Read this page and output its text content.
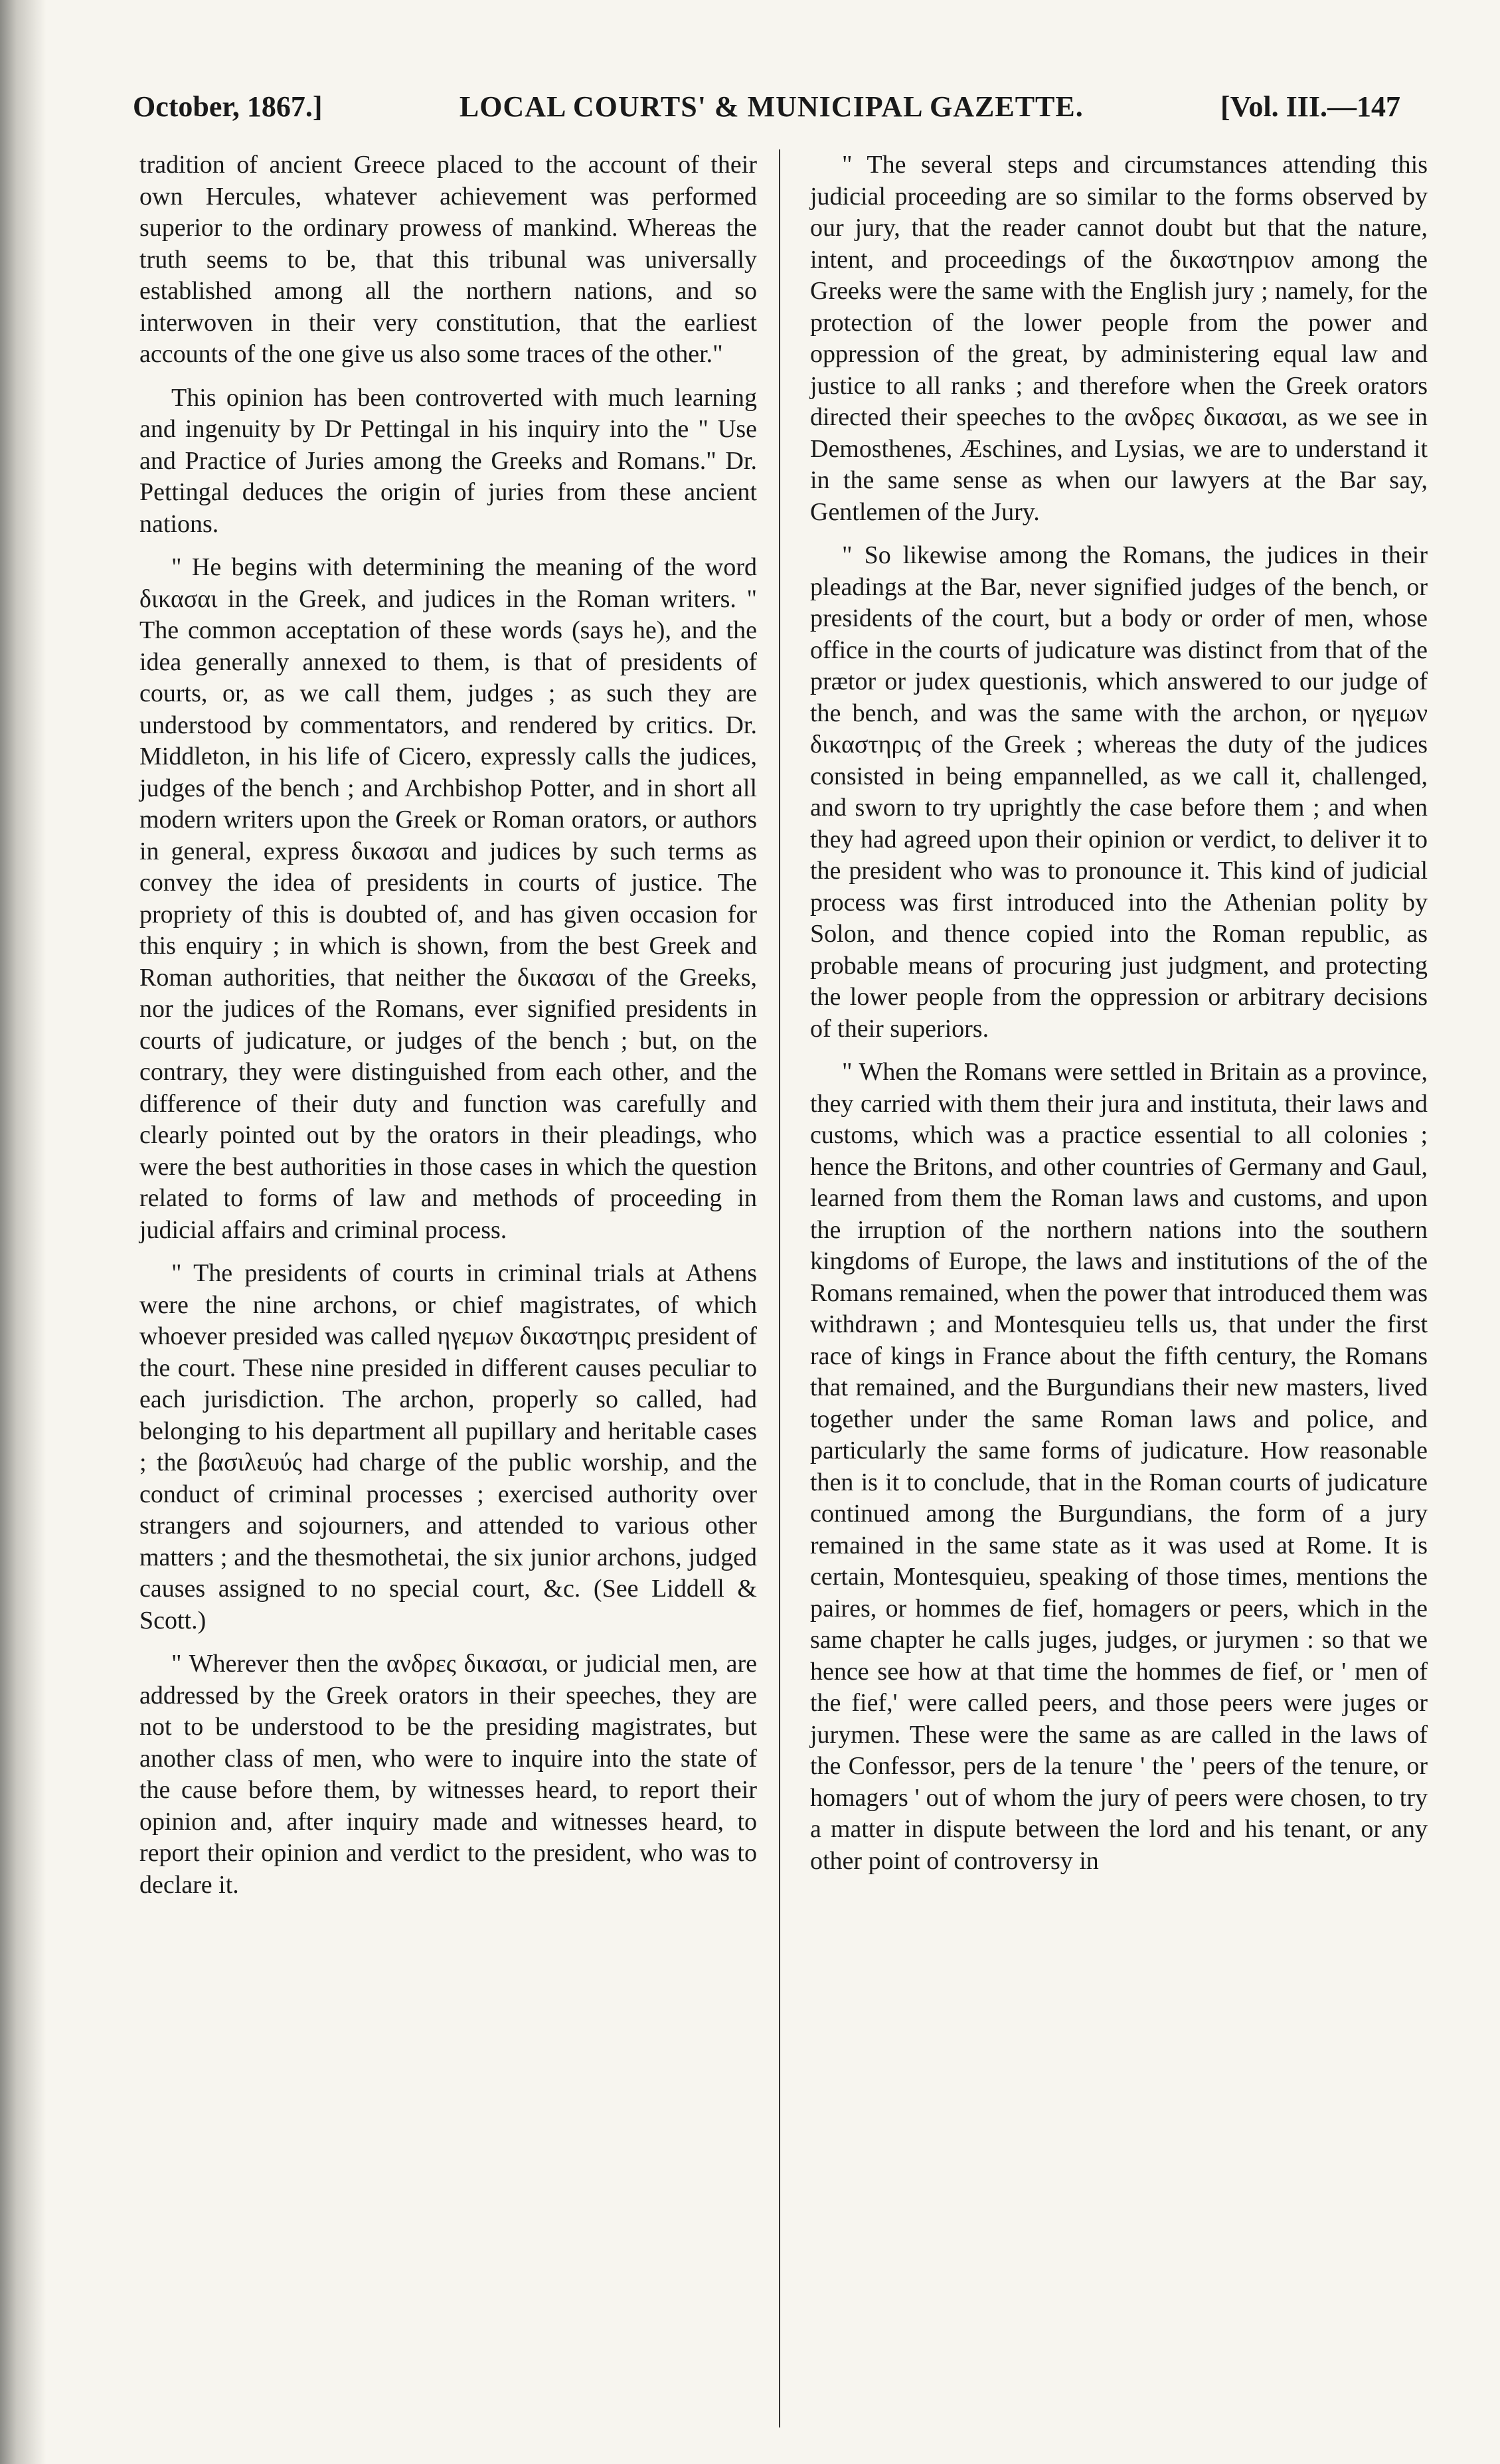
October, 1867.]	LOCAL COURTS' & MUNICIPAL GAZETTE.	[Vol. III.—147

tradition of ancient Greece placed to the account of their own Hercules, whatever achievement was performed superior to the ordinary prowess of mankind. Whereas the truth seems to be, that this tribunal was universally established among all the northern nations, and so interwoven in their very constitution, that the earliest accounts of the one give us also some traces of the other."

This opinion has been controverted with much learning and ingenuity by Dr Pettingal in his inquiry into the " Use and Practice of Juries among the Greeks and Romans." Dr. Pettingal deduces the origin of juries from these ancient nations.

" He begins with determining the meaning of the word δικασαι in the Greek, and judices in the Roman writers. " The common acceptation of these words (says he), and the idea generally annexed to them, is that of presidents of courts, or, as we call them, judges ; as such they are understood by commentators, and rendered by critics. Dr. Middleton, in his life of Cicero, expressly calls the judices, judges of the bench ; and Archbishop Potter, and in short all modern writers upon the Greek or Roman orators, or authors in general, express δικασαι and judices by such terms as convey the idea of presidents in courts of justice. The propriety of this is doubted of, and has given occasion for this enquiry ; in which is shown, from the best Greek and Roman authorities, that neither the δικασαι of the Greeks, nor the judices of the Romans, ever signified presidents in courts of judicature, or judges of the bench ; but, on the contrary, they were distinguished from each other, and the difference of their duty and function was carefully and clearly pointed out by the orators in their pleadings, who were the best authorities in those cases in which the question related to forms of law and methods of proceeding in judicial affairs and criminal process.

" The presidents of courts in criminal trials at Athens were the nine archons, or chief magistrates, of which whoever presided was called ηγεμων δικαστηρις president of the court. These nine presided in different causes peculiar to each jurisdiction. The archon, properly so called, had belonging to his department all pupillary and heritable cases ; the βασιλευύς had charge of the public worship, and the conduct of criminal processes ; exercised authority over strangers and sojourners, and attended to various other matters ; and the thesmothetai, the six junior archons, judged causes assigned to no special court, &c. (See Liddell & Scott.)

" Wherever then the ανδρες δικασαι, or judicial men, are addressed by the Greek orators in their speeches, they are not to be understood to be the presiding magistrates, but another class of men, who were to inquire into the state of the cause before them, by witnesses heard, to report their opinion and, after inquiry made and witnesses heard, to report their opinion and verdict to the president, who was to declare it.

" The several steps and circumstances attending this judicial proceeding are so similar to the forms observed by our jury, that the reader cannot doubt but that the nature, intent, and proceedings of the δικαστηριον among the Greeks were the same with the English jury ; namely, for the protection of the lower people from the power and oppression of the great, by administering equal law and justice to all ranks ; and therefore when the Greek orators directed their speeches to the ανδρες δικασαι, as we see in Demosthenes, Æschines, and Lysias, we are to understand it in the same sense as when our lawyers at the Bar say, Gentlemen of the Jury.

" So likewise among the Romans, the judices in their pleadings at the Bar, never signified judges of the bench, or presidents of the court, but a body or order of men, whose office in the courts of judicature was distinct from that of the prætor or judex questionis, which answered to our judge of the bench, and was the same with the archon, or ηγεμων δικαστηρις of the Greek ; whereas the duty of the judices consisted in being empannelled, as we call it, challenged, and sworn to try uprightly the case before them ; and when they had agreed upon their opinion or verdict, to deliver it to the president who was to pronounce it. This kind of judicial process was first introduced into the Athenian polity by Solon, and thence copied into the Roman republic, as probable means of procuring just judgment, and protecting the lower people from the oppression or arbitrary decisions of their superiors.

" When the Romans were settled in Britain as a province, they carried with them their jura and instituta, their laws and customs, which was a practice essential to all colonies ; hence the Britons, and other countries of Germany and Gaul, learned from them the Roman laws and customs, and upon the irruption of the northern nations into the southern kingdoms of Europe, the laws and institutions of the of the Romans remained, when the power that introduced them was withdrawn ; and Montesquieu tells us, that under the first race of kings in France about the fifth century, the Romans that remained, and the Burgundians their new masters, lived together under the same Roman laws and police, and particularly the same forms of judicature. How reasonable then is it to conclude, that in the Roman courts of judicature continued among the Burgundians, the form of a jury remained in the same state as it was used at Rome. It is certain, Montesquieu, speaking of those times, mentions the paires, or hommes de fief, homagers or peers, which in the same chapter he calls juges, judges, or jurymen : so that we hence see how at that time the hommes de fief, or ' men of the fief,' were called peers, and those peers were juges or jurymen. These were the same as are called in the laws of the Confessor, pers de la tenure ' the ' peers of the tenure, or homagers ' out of whom the jury of peers were chosen, to try a matter in dispute between the lord and his tenant, or any other point of controversy in
